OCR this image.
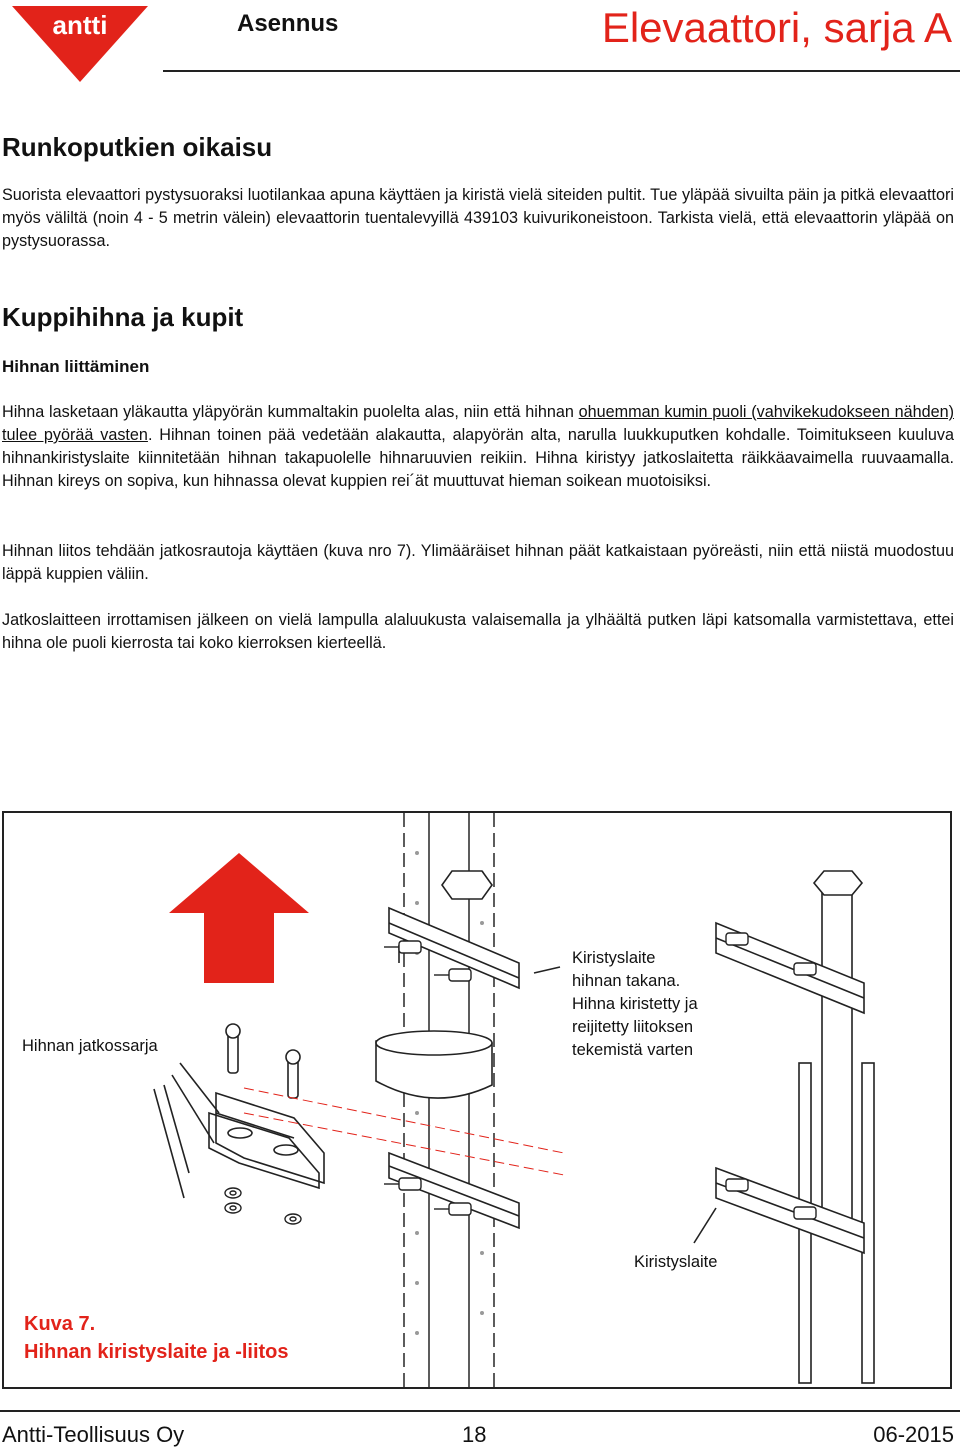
antti	Asennus	Elevaattori, sarja A
Runkoputkien oikaisu

Suorista elevaattori pystysuoraksi luotilankaa apuna käyttäen ja kiristä vielä siteiden pultit. Tue yläpää sivuilta päin ja pitkä elevaattori myös väliltä (noin 4 - 5 metrin välein) elevaattorin tuentalevyillä 439103 kuivurikoneistoon. Tarkista vielä, että elevaattorin yläpää on pystysuorassa.

Kuppihihna ja kupit
Hihnan liittäminen

Hihna lasketaan yläkautta yläpyörän kummaltakin puolelta alas, niin että hihnan ohuemman kumin puoli (vahvikekudokseen nähden) tulee pyörää vasten. Hihnan toinen pää vedetään alakautta, alapyörän alta, narulla luukkuputken kohdalle. Toimitukseen kuuluva hihnankiristyslaite kiinnitetään hihnan takapuolelle hihnaruuvien reikiin. Hihna kiristyy jatkoslaitetta räikkäavaimella ruuvaamalla. Hihnan kireys on sopiva, kun hihnassa olevat kuppien rei´ät muuttuvat hieman soikean muotoisiksi.

Hihnan liitos tehdään jatkosrautoja käyttäen (kuva nro 7). Ylimääräiset hihnan päät katkaistaan pyöreästi, niin että niistä muodostuu läppä kuppien väliin.

Jatkoslaitteen irrottamisen jälkeen on vielä lampulla alaluukusta valaisemalla ja ylhäältä putken läpi katsomalla varmistettava, ettei hihna ole puoli kierrosta tai koko kierroksen kierteellä.

Hihnan jatkossarja
Kiristyslaite hihnan takana. Hihna kiristetty ja reijitetty liitoksen tekemistä varten
Kiristyslaite
Kuva 7.
Hihnan kiristyslaite ja -liitos
Antti-Teollisuus Oy	18	06-2015
